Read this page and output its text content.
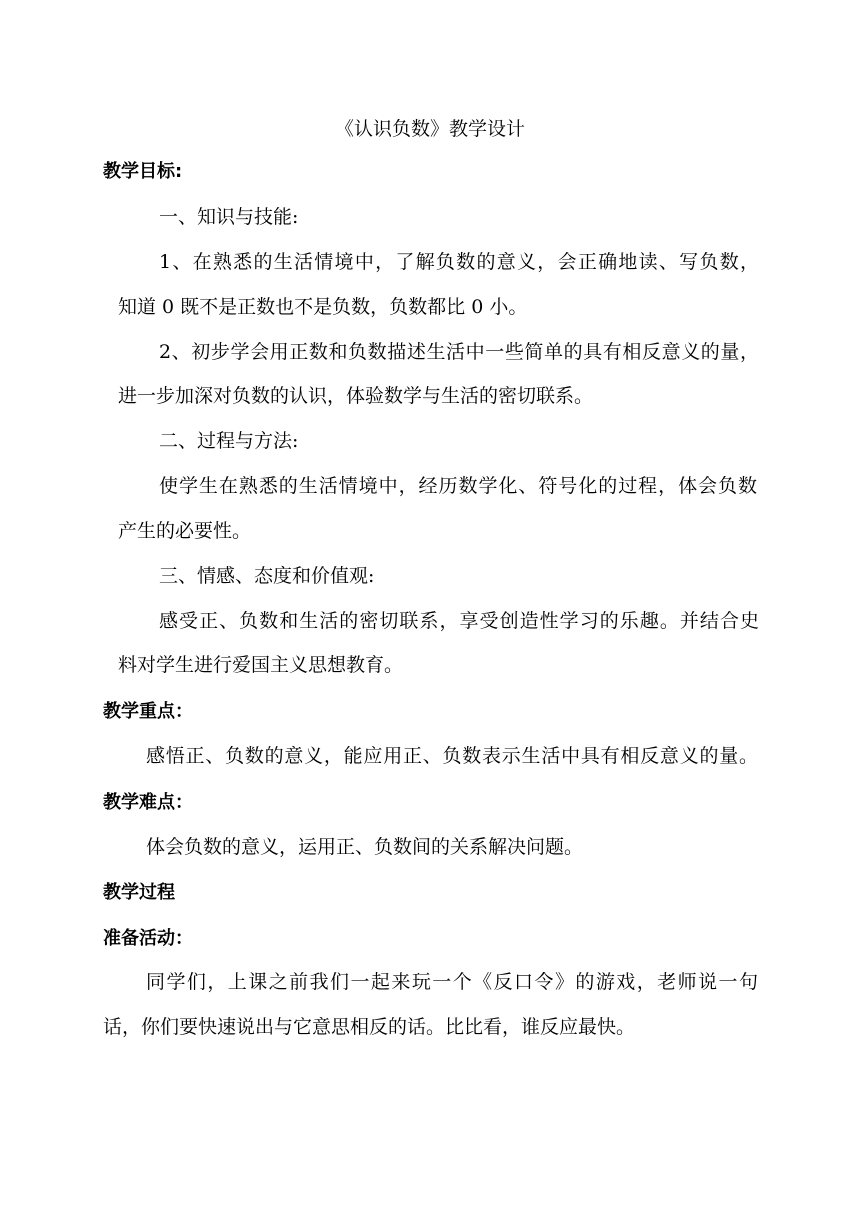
《认识负数》教学设计
教学目标:
一、知识与技能:
1、在熟悉的生活情境中，了解负数的意义，会正确地读、写负数，
知道 0 既不是正数也不是负数，负数都比 0 小。
2、初步学会用正数和负数描述生活中一些简单的具有相反意义的量，
进一步加深对负数的认识，体验数学与生活的密切联系。
二、过程与方法:
使学生在熟悉的生活情境中，经历数学化、符号化的过程，体会负数
产生的必要性。
三、情感、态度和价值观:
感受正、负数和生活的密切联系，享受创造性学习的乐趣。并结合史
料对学生进行爱国主义思想教育。
教学重点：
感悟正、负数的意义，能应用正、负数表示生活中具有相反意义的量。
教学难点：
体会负数的意义，运用正、负数间的关系解决问题。
教学过程
准备活动：
同学们，上课之前我们一起来玩一个《反口令》的游戏，老师说一句
话，你们要快速说出与它意思相反的话。比比看，谁反应最快。
